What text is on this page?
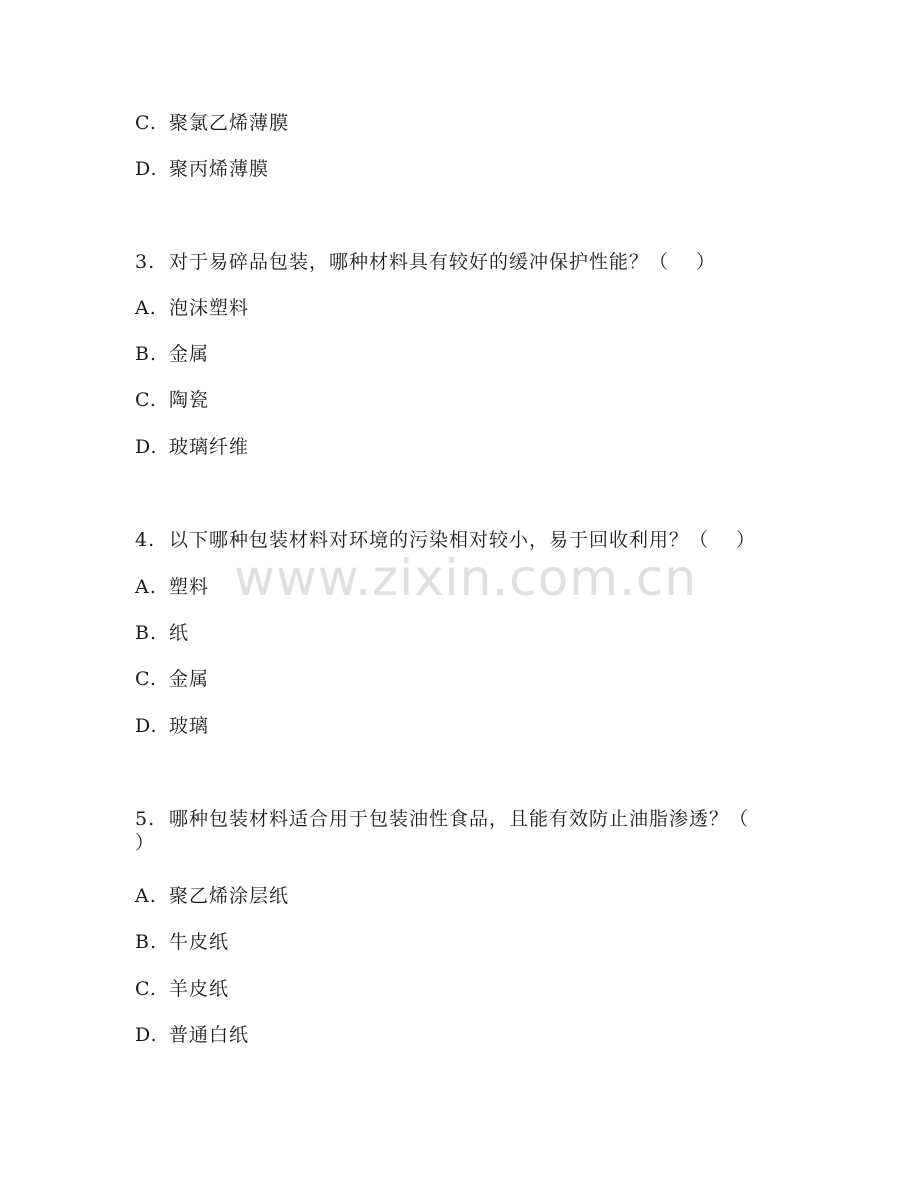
C. 聚氯乙烯薄膜
D. 聚丙烯薄膜
3. 对于易碎品包装，哪种材料具有较好的缓冲保护性能？（　 ）
A. 泡沫塑料
B. 金属
C. 陶瓷
D. 玻璃纤维
4. 以下哪种包装材料对环境的污染相对较小，易于回收利用？（　 ）
A. 塑料
B. 纸
C. 金属
D. 玻璃
5. 哪种包装材料适合用于包装油性食品，且能有效防止油脂渗透？（　 ）
A. 聚乙烯涂层纸
B. 牛皮纸
C. 羊皮纸
D. 普通白纸
www.zixin.com.cn
